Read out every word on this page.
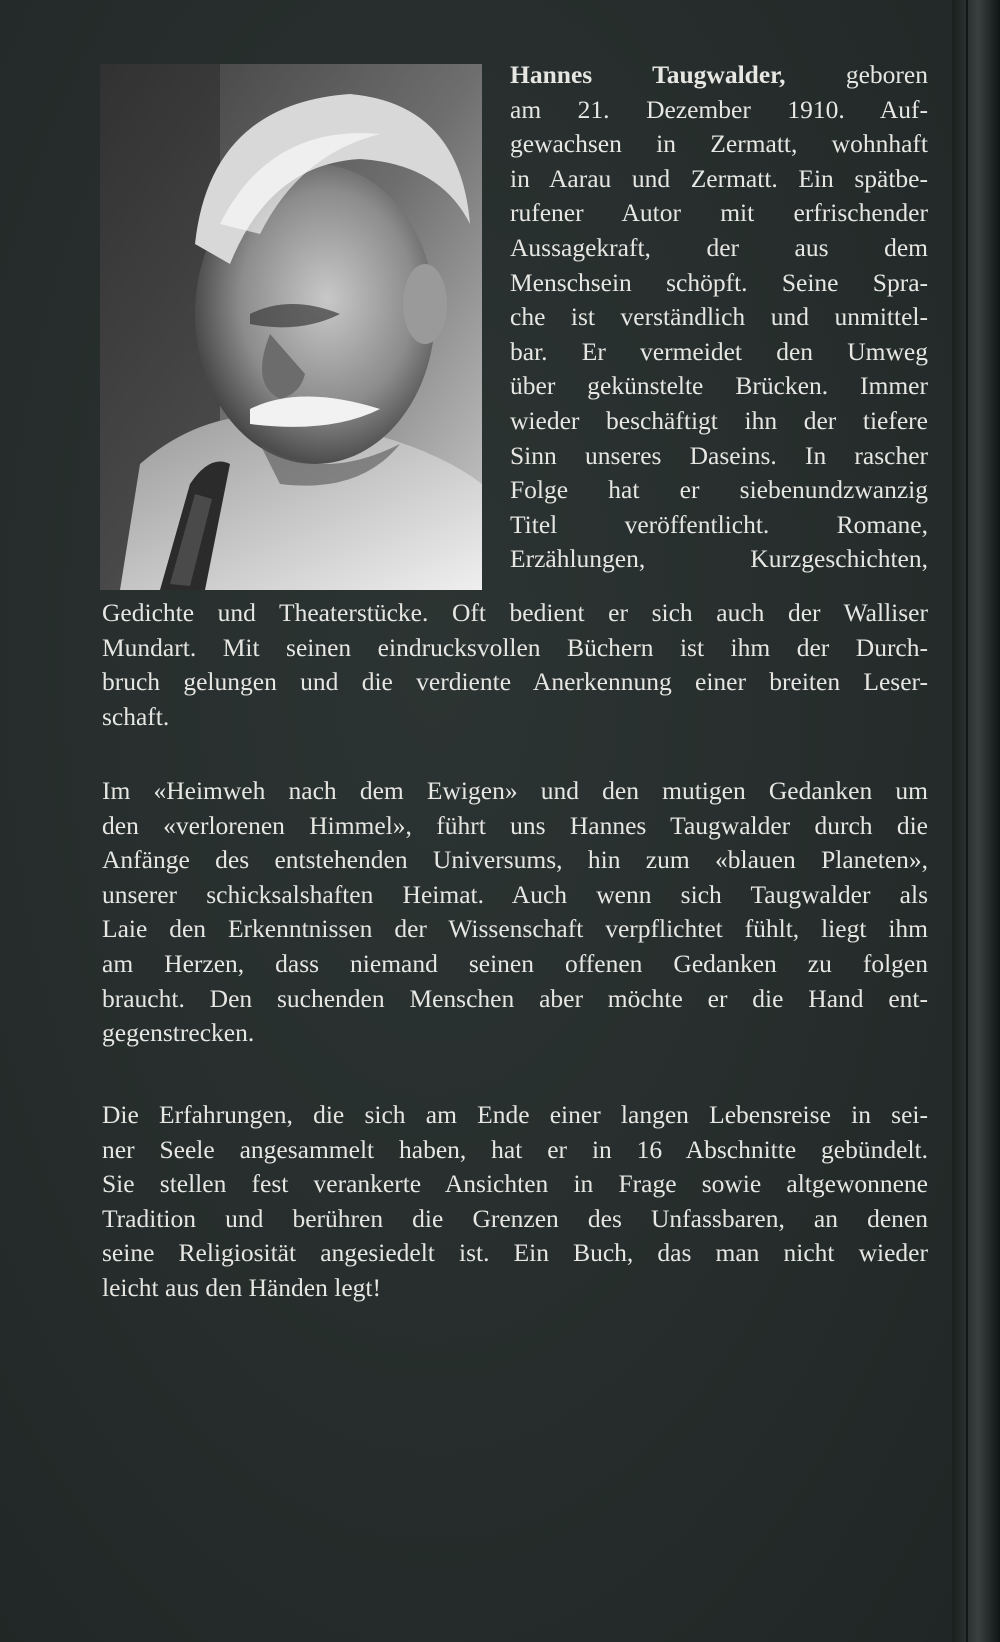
Hannes Taugwalder, geboren
am 21. Dezember 1910. Auf-
gewachsen in Zermatt, wohnhaft
in Aarau und Zermatt. Ein spätbe-
rufener Autor mit erfrischender
Aussagekraft, der aus dem
Menschsein schöpft. Seine Spra-
che ist verständlich und unmittel-
bar. Er vermeidet den Umweg
über gekünstelte Brücken. Immer
wieder beschäftigt ihn der tiefere
Sinn unseres Daseins. In rascher
Folge hat er siebenundzwanzig
Titel veröffentlicht. Romane,
Erzählungen, Kurzgeschichten,
Gedichte und Theaterstücke. Oft bedient er sich auch der Walliser
Mundart. Mit seinen eindrucksvollen Büchern ist ihm der Durch-
bruch gelungen und die verdiente Anerkennung einer breiten Leser-
schaft.
Im «Heimweh nach dem Ewigen» und den mutigen Gedanken um
den «verlorenen Himmel», führt uns Hannes Taugwalder durch die
Anfänge des entstehenden Universums, hin zum «blauen Planeten»,
unserer schicksalshaften Heimat. Auch wenn sich Taugwalder als
Laie den Erkenntnissen der Wissenschaft verpflichtet fühlt, liegt ihm
am Herzen, dass niemand seinen offenen Gedanken zu folgen
braucht. Den suchenden Menschen aber möchte er die Hand ent-
gegenstrecken.
Die Erfahrungen, die sich am Ende einer langen Lebensreise in sei-
ner Seele angesammelt haben, hat er in 16 Abschnitte gebündelt.
Sie stellen fest verankerte Ansichten in Frage sowie altgewonnene
Tradition und berühren die Grenzen des Unfassbaren, an denen
seine Religiosität angesiedelt ist. Ein Buch, das man nicht wieder
leicht aus den Händen legt!
